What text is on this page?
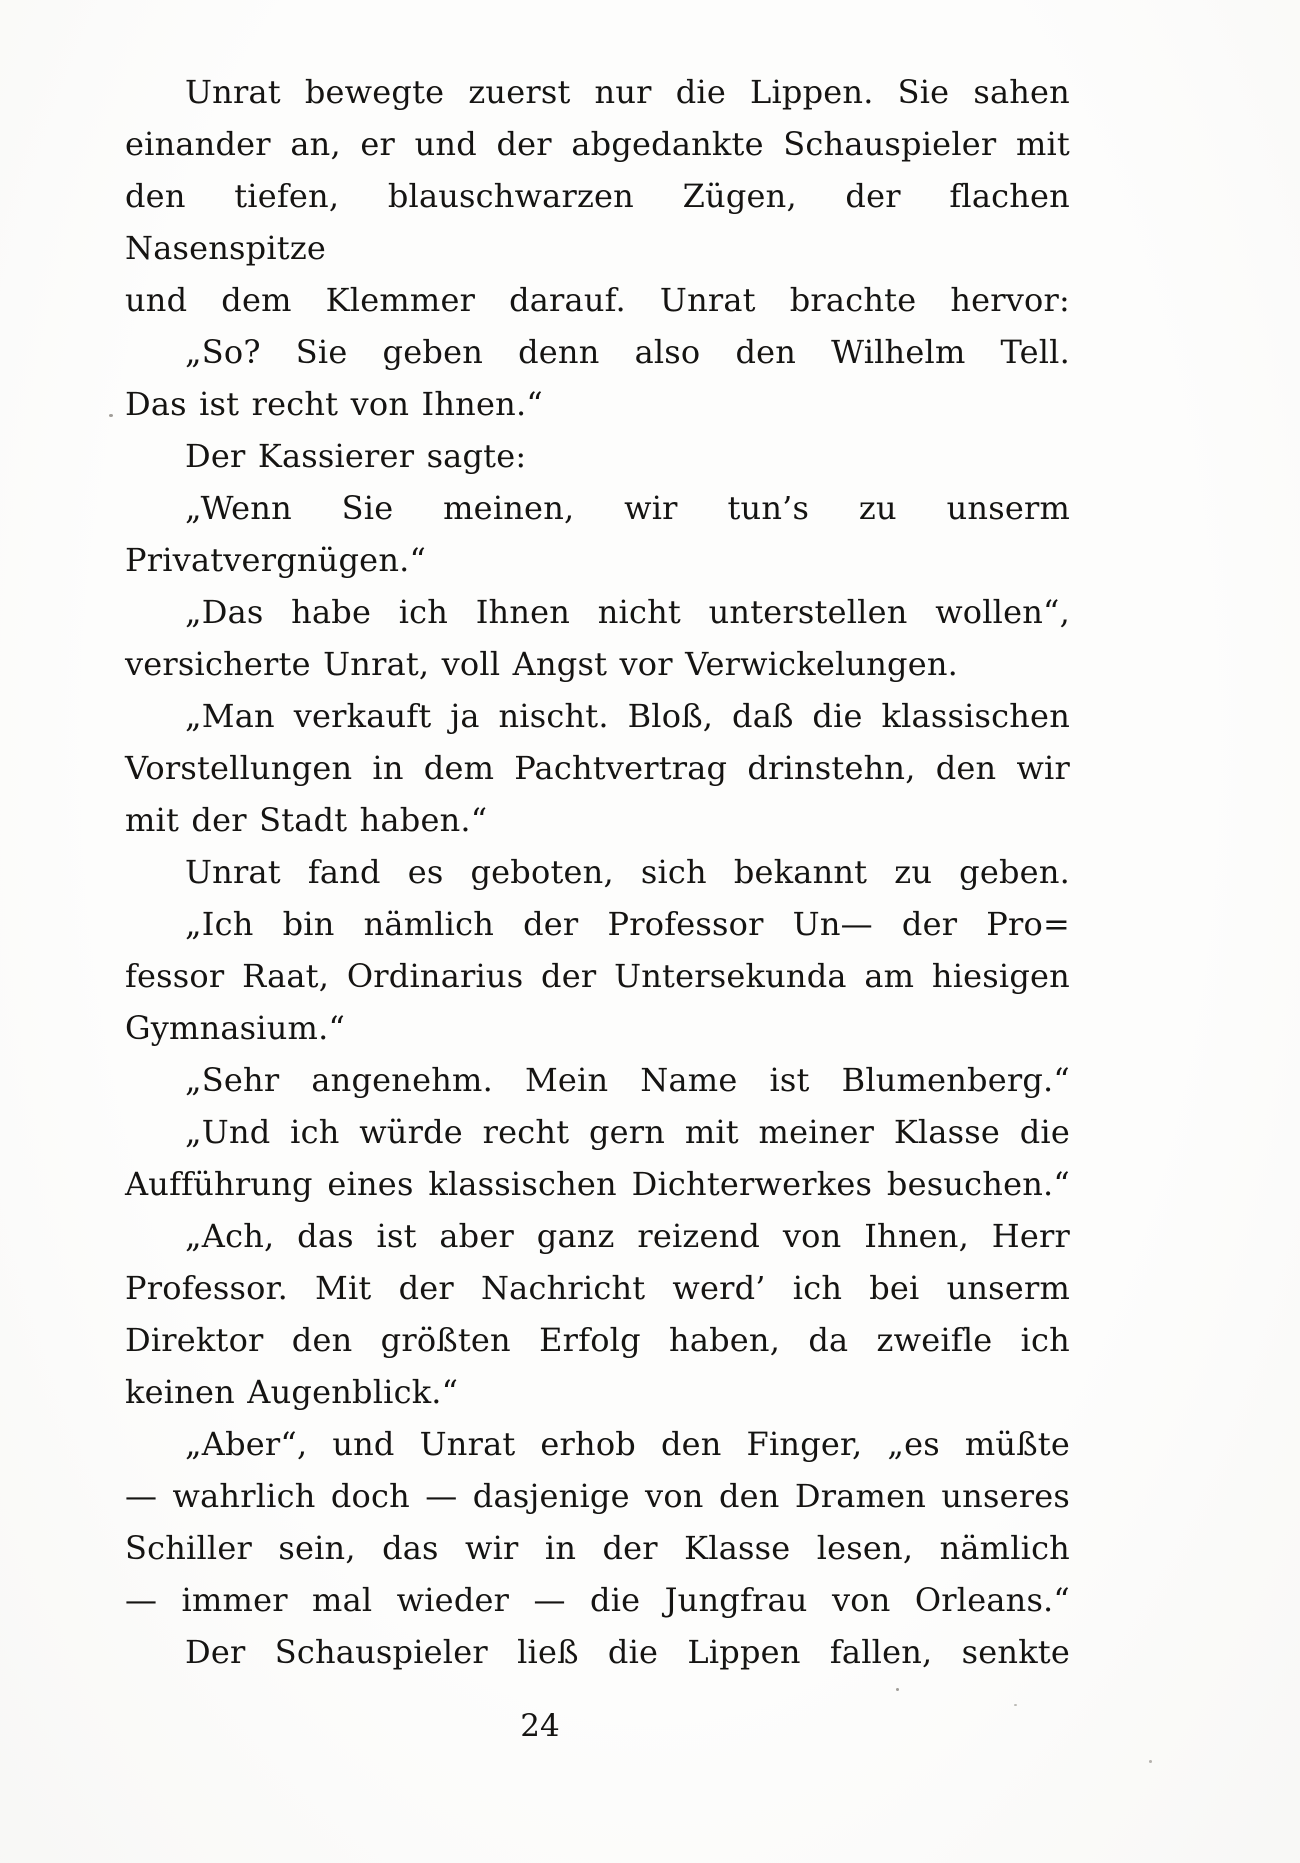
Unrat bewegte zuerst nur die Lippen. Sie sahen
einander an, er und der abgedankte Schauspieler mit
den tiefen, blauschwarzen Zügen, der flachen Nasenspitze
und dem Klemmer darauf. Unrat brachte hervor:
„So? Sie geben denn also den Wilhelm Tell.
Das ist recht von Ihnen.“
Der Kassierer sagte:
„Wenn Sie meinen, wir tun’s zu unserm
Privatvergnügen.“
„Das habe ich Ihnen nicht unterstellen wollen“,
versicherte Unrat, voll Angst vor Verwickelungen.
„Man verkauft ja nischt. Bloß, daß die klassischen
Vorstellungen in dem Pachtvertrag drinstehn, den wir
mit der Stadt haben.“
Unrat fand es geboten, sich bekannt zu geben.
„Ich bin nämlich der Professor Un— der Pro=
fessor Raat, Ordinarius der Untersekunda am hiesigen
Gymnasium.“
„Sehr angenehm. Mein Name ist Blumenberg.“
„Und ich würde recht gern mit meiner Klasse die
Aufführung eines klassischen Dichterwerkes besuchen.“
„Ach, das ist aber ganz reizend von Ihnen, Herr
Professor. Mit der Nachricht werd’ ich bei unserm
Direktor den größten Erfolg haben, da zweifle ich
keinen Augenblick.“
„Aber“, und Unrat erhob den Finger, „es müßte
— wahrlich doch — dasjenige von den Dramen unseres
Schiller sein, das wir in der Klasse lesen, nämlich
— immer mal wieder — die Jungfrau von Orleans.“
Der Schauspieler ließ die Lippen fallen, senkte
24
